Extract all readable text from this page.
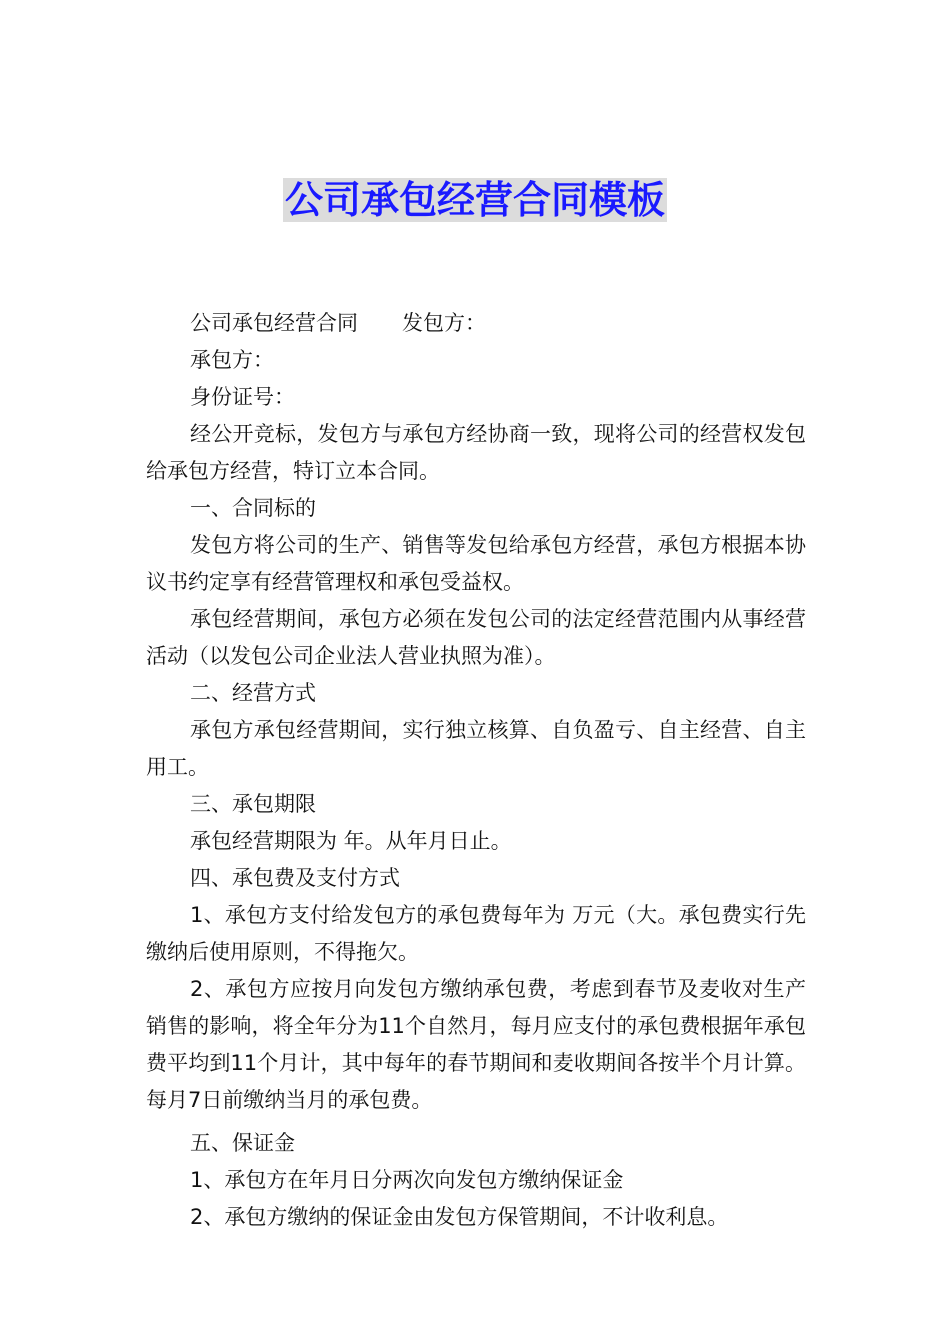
公司承包经营合同模板

公司承包经营合同 发包方：

承包方：

身份证号：

经公开竞标，发包方与承包方经协商一致，现将公司的经营权发包给承包方经营，特订立本合同。

一、合同标的

发包方将公司的生产、销售等发包给承包方经营，承包方根据本协议书约定享有经营管理权和承包受益权。

承包经营期间，承包方必须在发包公司的法定经营范围内从事经营活动（以发包公司企业法人营业执照为准）。

二、经营方式

承包方承包经营期间，实行独立核算、自负盈亏、自主经营、自主用工。

三、承包期限

承包经营期限为 年。从年月日止。

四、承包费及支付方式

1、承包方支付给发包方的承包费每年为 万元（大。承包费实行先缴纳后使用原则，不得拖欠。

2、承包方应按月向发包方缴纳承包费，考虑到春节及麦收对生产销售的影响，将全年分为11个自然月，每月应支付的承包费根据年承包费平均到11个月计，其中每年的春节期间和麦收期间各按半个月计算。每月7日前缴纳当月的承包费。

五、保证金

1、承包方在年月日分两次向发包方缴纳保证金

2、承包方缴纳的保证金由发包方保管期间，不计收利息。
